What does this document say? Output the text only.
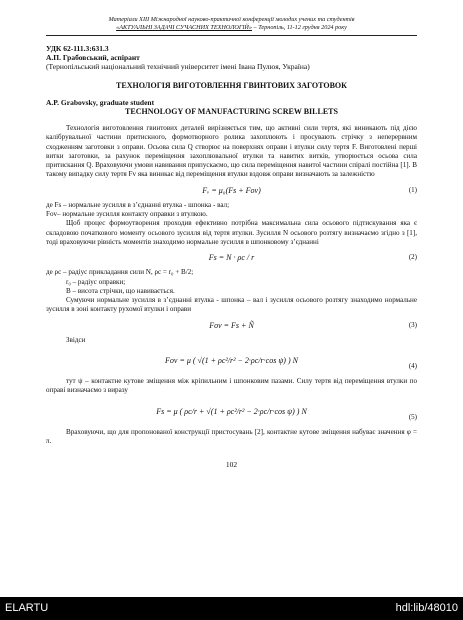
Матеріали XIII Міжнародної науково-практичної конференції молодих учених та студентів
«АКТУАЛЬНІ ЗАДАЧІ СУЧАСНИХ ТЕХНОЛОГІЙ» – Тернопіль, 11-12 грудня 2024 року
УДК 62-111.3:631.3
А.П. Грабовський, аспірант
(Тернопільський національний технічний університет імені Івана Пулюя, Україна)
ТЕХНОЛОГІЯ ВИГОТОВЛЕННЯ ГВИНТОВИХ ЗАГОТОВОК
A.P. Grabovsky, graduate student
TECHNOLOGY OF MANUFACTURING SCREW BILLETS

Технологія виготовлення гвинтових деталей вирізняється тим, що активні сили тертя, які виникають під дією калібрувальної частини притискного, формотворного ролика захоплюють і просувають стрічку з неперервним сходженням заготовки з оправи. Осьова сила Q створює на поверхнях оправи і втулки силу тертя F. Виготовлені перші витки заготовки, за рахунок переміщення захоплювальної втулки та навитих витків, утворюється осьова сила притискання Q. Враховуючи умови навивання припускаємо, що сила переміщення навитої частини спіралі постійна [1]. В такому випадку силу тертя Fv яка виникає від переміщення втулки вздовж оправи визначають за залежністю

Fᵥ = μ₀(Fs + Fov)	(1)

де Fs – нормальне зусилля в з’єднанні втулка - шпонка - вал;

Fov– нормальне зусилля контакту оправки з втулкою.

Щоб процес формоутворення проходив ефективно потрібна максимальна сила осьового підтискування яка є складовою початкового моменту осьового зусилля від тертя втулки. Зусилля N осьового розтягу визначаємо згідно з [1], тоді враховуючи рівність моментів знаходимо нормальне зусилля в шпонковому з’єднанні

Fs = N · ρc / r	(2)

де ρc – радіус прикладання сили N, ρc = r₀ + B/2;

r₀ – радіус оправки;

B – висота стрічки, що навивається.

Сумуючи нормальне зусилля в з’єднанні втулка - шпонка – вал і зусилля осьового розтягу знаходимо нормальне зусилля в зоні контакту рухомої втулки і оправи

Fov = Fs + Ñ	(3)

Звідси

Fov = μ ( √(1 + ρc²/r² − 2·ρc/r·cos ψ) ) N
(4)

тут ψ – контактне кутове зміщення між кріпильним і шпонковим пазами. Силу тертя від переміщення втулки по оправі визначаємо з виразу

Fs = μ ( ρc/r + √(1 + ρc²/r² − 2·ρc/r·cos ψ) ) N
(5)

Враховуючи, що для пропонованої конструкції пристосувань [2], контактне кутове зміщення набуває значення φ = π.

102
ELARTU	hdl:lib/48010
